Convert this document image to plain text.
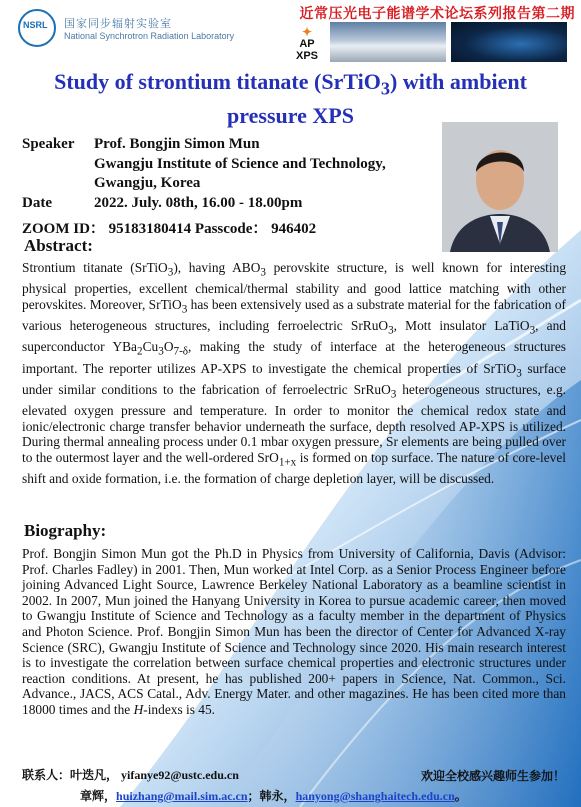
NSRL 国家同步辐射实验室
National Synchrotron Radiation Laboratory
近常压光电子能谱学术论坛系列报告第二期
✦
AP
XPS
Study of strontium titanate (SrTiO$_3$) with ambient
pressure XPS
Speaker	Prof. Bongjin Simon Mun
Gwangju Institute of Science and Technology,
Gwangju, Korea
Date	2022. July. 08th, 16.00 - 18.00pm
ZOOM ID： 95183180414 Passcode： 946402
Abstract:
Strontium titanate (SrTiO$_3$), having $ABO_3$ perovskite structure, is well known for interesting physical properties, excellent chemical/thermal stability and good lattice matching with other perovskites. Moreover, SrTiO$_3$ has been extensively used as a substrate material for the fabrication of various heterogeneous structures, including ferroelectric SrRuO$_3$, Mott insulator LaTiO$_3$, and superconductor $YBa_2Cu_3O_{7-\delta}$, making the study of interface at the heterogeneous structures important. The reporter utilizes AP-XPS to investigate the chemical properties of SrTiO$_3$ surface under similar conditions to the fabrication of ferroelectric SrRuO$_3$ heterogeneous structures, e.g. elevated oxygen pressure and temperature. In order to monitor the chemical redox state and ionic/electronic charge transfer behavior underneath the surface, depth resolved AP-XPS is utilized. During thermal annealing process under 0.1 mbar oxygen pressure, Sr elements are being pulled over to the outermost layer and the well-ordered SrO$_{1+x}$ is formed on top surface. The nature of core-level shift and oxide formation, i.e. the formation of charge depletion layer, will be discussed.
Biography:
Prof. Bongjin Simon Mun got the Ph.D in Physics from University of California, Davis (Advisor: Prof. Charles Fadley) in 2001. Then, Mun worked at Intel Corp. as a Senior Process Engineer before joining Advanced Light Source, Lawrence Berkeley National Laboratory as a beamline scientist in 2002. In 2007, Mun joined the Hanyang University in Korea to pursue academic career, then moved to Gwangju Institute of Science and Technology as a faculty member in the department of Physics and Photon Science. Prof. Bongjin Simon Mun has been the director of Center for Advanced X-ray Science (SRC), Gwangju Institute of Science and Technology since 2020. His main research interest is to investigate the correlation between surface chemical properties and electronic structures under reaction conditions. At present, he has published 200+ papers in Science, Nat. Common., Sci. Advance., JACS, ACS Catal., Adv. Energy Mater. and other magazines. He has been cited more than 18000 times and the H-indexs is 45.
联系人：叶迭凡， yifanye92@ustc.edu.cn	欢迎全校感兴趣师生参加！
章辉，huizhang@mail.sim.ac.cn；韩永，hanyong@shanghaitech.edu.cn。
